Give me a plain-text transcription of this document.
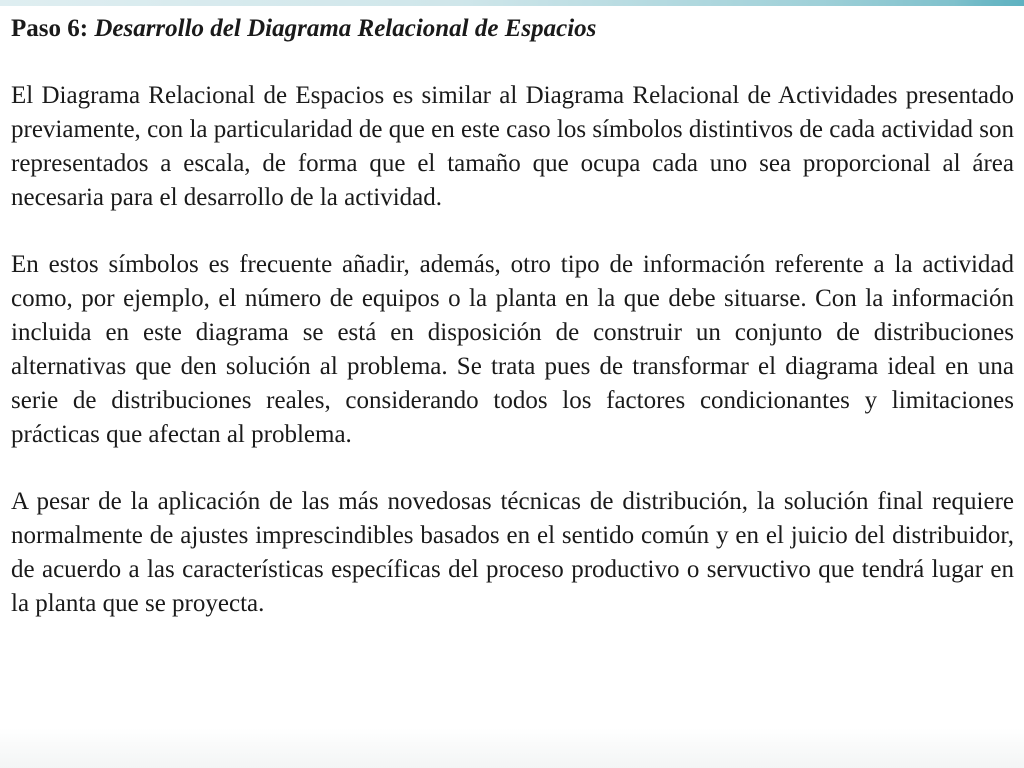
Paso 6: Desarrollo del Diagrama Relacional de Espacios

El Diagrama Relacional de Espacios es similar al Diagrama Relacional de Actividades presentado previamente, con la particularidad de que en este caso los símbolos distintivos de cada actividad son representados a escala, de forma que el tamaño que ocupa cada uno sea proporcional al área necesaria para el desarrollo de la actividad.

En estos símbolos es frecuente añadir, además, otro tipo de información referente a la actividad como, por ejemplo, el número de equipos o la planta en la que debe situarse. Con la información incluida en este diagrama se está en disposición de construir un conjunto de distribuciones alternativas que den solución al problema. Se trata pues de transformar el diagrama ideal en una serie de distribuciones reales, considerando todos los factores condicionantes y limitaciones prácticas que afectan al problema.

A pesar de la aplicación de las más novedosas técnicas de distribución, la solución final requiere normalmente de ajustes imprescindibles basados en el sentido común y en el juicio del distribuidor, de acuerdo a las características específicas del proceso productivo o servuctivo que tendrá lugar en la planta que se proyecta.
